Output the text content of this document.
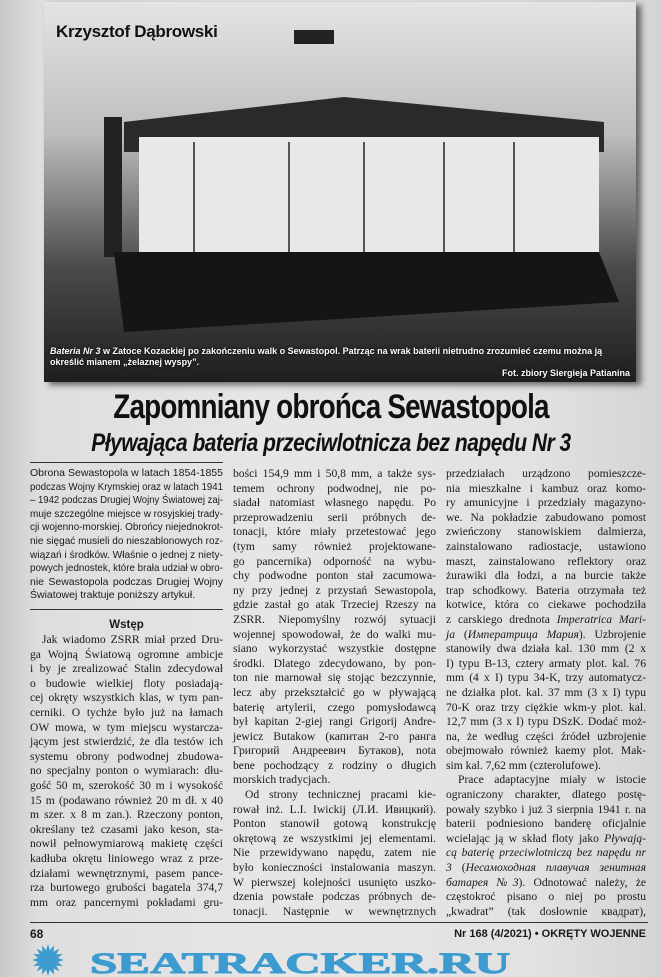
Krzysztof Dąbrowski
Bateria Nr 3 w Zatoce Kozackiej po zakończeniu walk o Sewastopol. Patrząc na wrak baterii nietrudno zrozumieć czemu można ją określić mianem „żelaznej wyspy”.
Fot. zbiory Siergieja Patianina
Zapomniany obrońca Sewastopola
Pływająca bateria przeciwlotnicza bez napędu Nr 3
Obrona Sewastopola w latach 1854-1855
podczas Wojny Krymskiej oraz w latach 1941
– 1942 podczas Drugiej Wojny Światowej zaj-
muje szczególne miejsce w rosyjskiej trady-
cji wojenno-morskiej. Obrońcy niejednokrot-
nie sięgać musieli do nieszablonowych roz-
wiązań i środków. Właśnie o jednej z niety-
powych jednostek, które brała udział w obro-
nie Sewastopola podczas Drugiej Wojny
Światowej traktuje poniższy artykuł.
Wstęp
Jak wiadomo ZSRR miał przed Dru-
ga Wojną Światową ogromne ambicje
i by je zrealizować Stalin zdecydował
o budowie wielkiej floty posiadają-
cej okręty wszystkich klas, w tym pan-
cerniki. O tychże było już na łamach
OW mowa, w tym miejscu wystarcza-
jącym jest stwierdzić, że dla testów ich
systemu obrony podwodnej zbudowa-
no specjalny ponton o wymiarach: dłu-
gość 50 m, szerokość 30 m i wysokość
15 m (podawano również 20 m dł. x 40
m szer. x 8 m zan.). Rzeczony ponton,
określany też czasami jako keson, sta-
nowił pełnowymiarową makietę części
kadłuba okrętu liniowego wraz z prze-
działami wewnętrznymi, pasem pance-
rza burtowego grubości bagatela 374,7
mm oraz pancernymi pokładami gru-
bości 154,9 mm i 50,8 mm, a także sys-
temem ochrony podwodnej, nie po-
siadał natomiast własnego napędu. Po
przeprowadzeniu serii próbnych de-
tonacji, które miały przetestować jego
(tym samy również projektowane-
go pancernika) odporność na wybu-
chy podwodne ponton stał zacumowa-
ny przy jednej z przystań Sewastopola,
gdzie zastał go atak Trzeciej Rzeszy na
ZSRR. Niepomyślny rozwój sytuacji
wojennej spowodował, że do walki mu-
siano wykorzystać wszystkie dostępne
środki. Dlatego zdecydowano, by pon-
ton nie marnował się stojąc bezczynnie,
lecz aby przekształcić go w pływającą
baterię artylerii, czego pomysłodawcą
był kapitan 2-giej rangi Grigorij Andre-
jewicz Butakow (капитан 2-го ранга
Григорий Андреевич Бутаков), nota
bene pochodzący z rodziny o długich
morskich tradycjach.
Od strony technicznej pracami kie-
rował inż. L.I. Iwickij (Л.И. Ивицкий).
Ponton stanowił gotową konstrukcję
okrętową ze wszystkimi jej elementami.
Nie przewidywano napędu, zatem nie
było konieczności instalowania maszyn.
W pierwszej kolejności usunięto uszko-
dzenia powstałe podczas próbnych de-
tonacji. Następnie w wewnętrznych
przedziałach urządzono pomieszcze-
nia mieszkalne i kambuz oraz komo-
ry amunicyjne i przedziały magazyno-
we. Na pokładzie zabudowano pomost
zwieńczony stanowiskiem dalmierza,
zainstalowano radiostacje, ustawiono
maszt, zainstalowano reflektory oraz
żurawiki dla łodzi, a na burcie także
trap schodkowy. Bateria otrzymała też
kotwice, która co ciekawe pochodziła
z carskiego drednota Imperatrica Mari-
ja (Императрица Мария). Uzbrojenie
stanowiły dwa działa kal. 130 mm (2 x
I) typu B-13, cztery armaty plot. kal. 76
mm (4 x I) typu 34-K, trzy automatycz-
ne działka plot. kal. 37 mm (3 x I) typu
70-K oraz trzy ciężkie wkm-y plot. kal.
12,7 mm (3 x I) typu DSzK. Dodać moż-
na, że według części źródeł uzbrojenie
obejmowało również kaemy plot. Mak-
sim kal. 7,62 mm (czterolufowe).
Prace adaptacyjne miały w istocie
ograniczony charakter, dlatego postę-
powały szybko i już 3 sierpnia 1941 r. na
baterii podniesiono banderę oficjalnie
wcielając ją w skład floty jako Pływają-
cą baterię przeciwlotniczą bez napędu nr
3 (Несамоходная плавучая зенитная
батарея №3). Odnotować należy, że
częstokroć pisano o niej po prostu
„kwadrat” (tak dosłownie квадрат),
68	Nr 168 (4/2021) • OKRĘTY WOJENNE
SEATRACKER.RU
